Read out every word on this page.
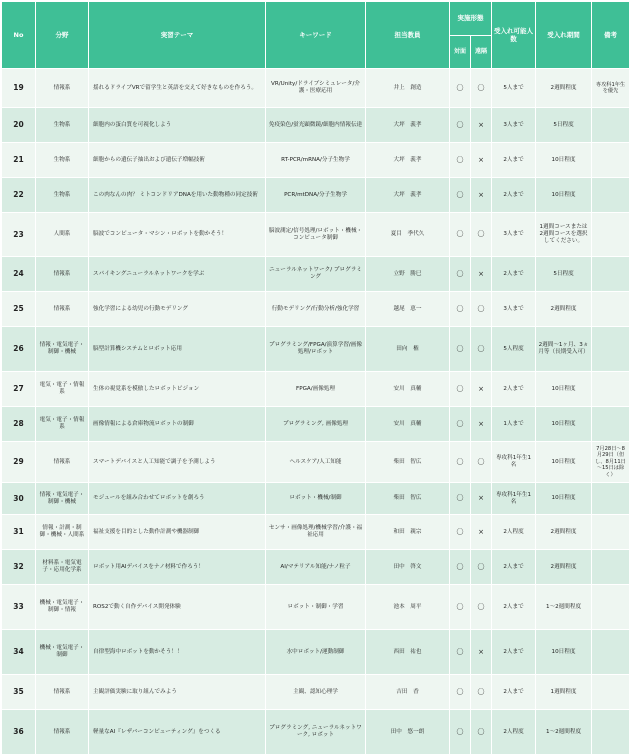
No	分野	実習テーマ	キーワード	担当教員	実施形態		受入れ可能人数	受入れ期間	備考
					対面	遠隔			
19	情報系	揺れるドライブVRで留学生と英語を交えて好きなものを作ろう。	VR/Unity/ドライブシミュレータ/介護・医療応用	井上　創造	〇	〇	5人まで	2週間程度	専攻科1年生を優先
20	生物系	細胞内の蛋白質を可視化しよう	免疫染色/蛍光顕微鏡/細胞内情報伝達	大坪　義孝	〇	×	3人まで	5日程度	
21	生物系	細胞からの遺伝子抽出および遺伝子増幅技術	RT-PCR/mRNA/分子生物学	大坪　義孝	〇	×	2人まで	10日程度	
22	生物系	この肉なんの肉？ ミトコンドリアDNAを用いた動物種の同定技術	PCR/mtDNA/分子生物学	大坪　義孝	〇	×	2人まで	10日程度	
23	人間系	脳波でコンピュータ・マシン・ロボットを動かそう！	脳波測定/信号処理/ロボット・機械・コンピュータ制御	夏目　季代久	〇	〇	3人まで	1週間コースまたは2週間コースを選択してください。	
24	情報系	スパイキングニューラルネットワークを学ぶ	ニューラルネットワーク/ プログラミング	立野　勝巳	〇	×	2人まで	5日程度	
25	情報系	強化学習による幼児の行動モデリング	行動モデリング/行動分析/強化学習	越尾　恵一	〇	〇	3人まで	2週間程度	
26	情報・電気電子・制御・機械	脳型計算機システムとロボット応用	プログラミング/FPGA/演算学習/画像処理/ロボット	田向　権	〇	〇	5人程度	2週間～1ヶ月、3ヵ月等（長期受入可）	
27	電気・電子・情報系	生体の視覚系を模倣したロボットビジョン	FPGA/画像処理	安川　真輔	〇	×	2人まで	10日程度	
28	電気・電子・情報系	画像情報による倉庫物流ロボットの制御	プログラミング, 画像処理	安川　真輔	〇	×	1人まで	10日程度	
29	情報系	スマートデバイスと人工知能で調子を予測しよう	ヘルスケア/人工知能	柴田　智広	〇	〇	専攻科1年生1名	10日程度	7月28日～8月29日（但し、8月11日～15日は除く）
30	情報・電気電子・制御・機械	モジュールを組み合わせてロボットを創ろう	ロボット・機械/制御	柴田　智広	〇	×	専攻科1年生1名	10日程度	
31	情報・計測・制御・機械・人間系	福祉支援を目的とした動作計測や機器制御	センサ・画像処理/機械学習/介護・福祉応用	和田　親宗	〇	×	2人程度	2週間程度	
32	材料系・電気電子・応用化学系	ロボット用AIデバイスをナノ材料で作ろう！	AI/マテリアル知能/ナノ粒子	田中　啓文	〇	〇	2人まで	2週間程度	
33	機械・電気電子・制御・情報	ROS2で動く自作デバイス開発体験	ロボット・制御・学習	池本　周平	〇	〇	2人まで	1～2週間程度	
34	機械・電気電子・制御	自律型海中ロボットを動かそう！！	水中ロボット/運動制御	西田　祐也	〇	×	2人まで	10日程度	
35	情報系	主観評価実験に取り組んでみよう	主観、認知心理学	吉田　香	〇	〇	2人まで	1週間程度	
36	情報系	軽量なAI『レザバーコンピューティング』をつくる	プログラミング, ニューラルネットワーク, ロボット	田中　悠一朗	〇	〇	2人程度	1～2週間程度	
